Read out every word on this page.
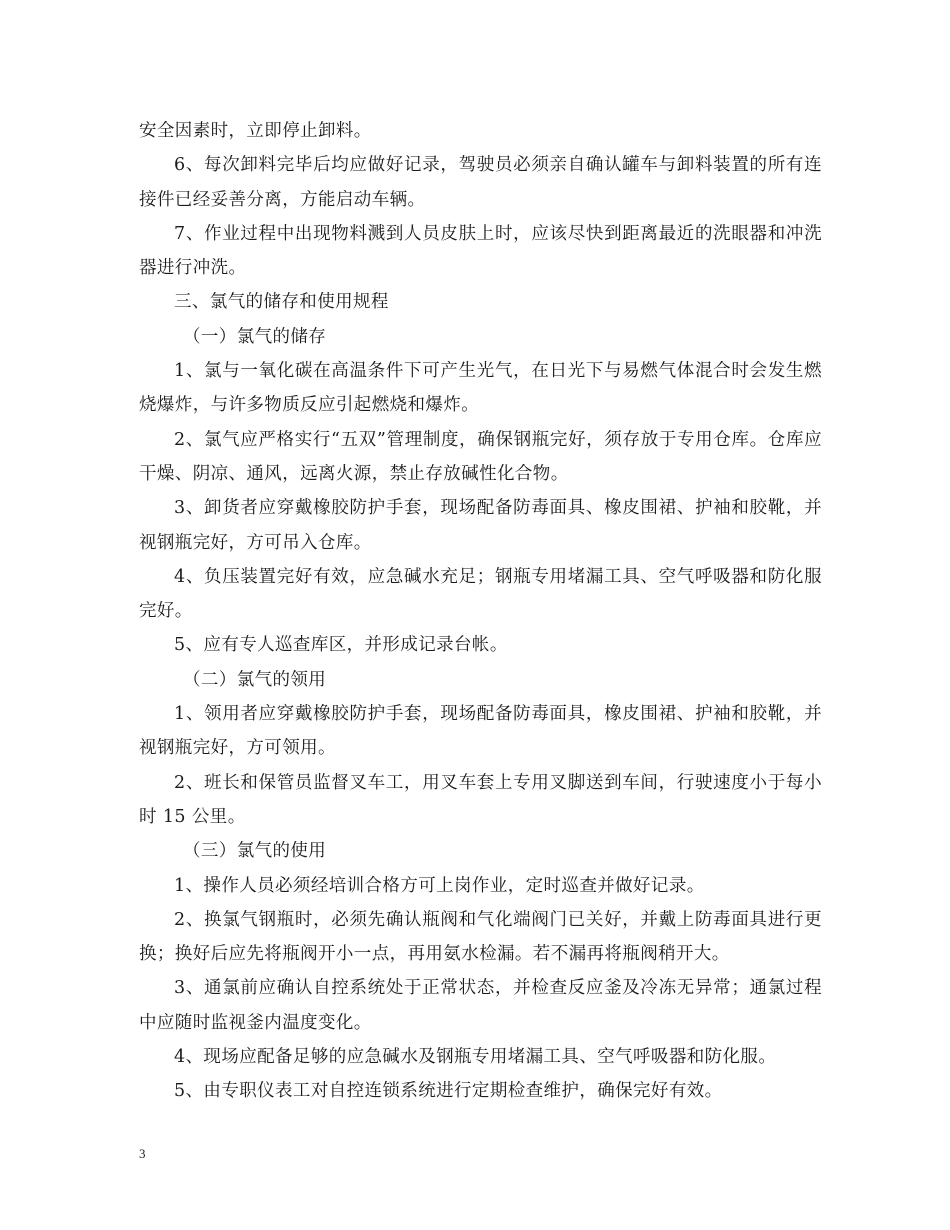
安全因素时，立即停止卸料。

6、每次卸料完毕后均应做好记录，驾驶员必须亲自确认罐车与卸料装置的所有连接件已经妥善分离，方能启动车辆。

7、作业过程中出现物料溅到人员皮肤上时，应该尽快到距离最近的洗眼器和冲洗器进行冲洗。

三、氯气的储存和使用规程

（一）氯气的储存

1、氯与一氧化碳在高温条件下可产生光气，在日光下与易燃气体混合时会发生燃烧爆炸，与许多物质反应引起燃烧和爆炸。

2、氯气应严格实行“五双”管理制度，确保钢瓶完好，须存放于专用仓库。仓库应干燥、阴凉、通风，远离火源，禁止存放碱性化合物。

3、卸货者应穿戴橡胶防护手套，现场配备防毒面具、橡皮围裙、护袖和胶靴，并视钢瓶完好，方可吊入仓库。

4、负压装置完好有效，应急碱水充足；钢瓶专用堵漏工具、空气呼吸器和防化服完好。

5、应有专人巡查库区，并形成记录台帐。

（二）氯气的领用

1、领用者应穿戴橡胶防护手套，现场配备防毒面具，橡皮围裙、护袖和胶靴，并视钢瓶完好，方可领用。

2、班长和保管员监督叉车工，用叉车套上专用叉脚送到车间，行驶速度小于每小时 15 公里。

（三）氯气的使用

1、操作人员必须经培训合格方可上岗作业，定时巡查并做好记录。

2、换氯气钢瓶时，必须先确认瓶阀和气化端阀门已关好，并戴上防毒面具进行更换；换好后应先将瓶阀开小一点，再用氨水检漏。若不漏再将瓶阀稍开大。

3、通氯前应确认自控系统处于正常状态，并检查反应釜及冷冻无异常；通氯过程中应随时监视釜内温度变化。

4、现场应配备足够的应急碱水及钢瓶专用堵漏工具、空气呼吸器和防化服。

5、由专职仪表工对自控连锁系统进行定期检查维护，确保完好有效。

3
